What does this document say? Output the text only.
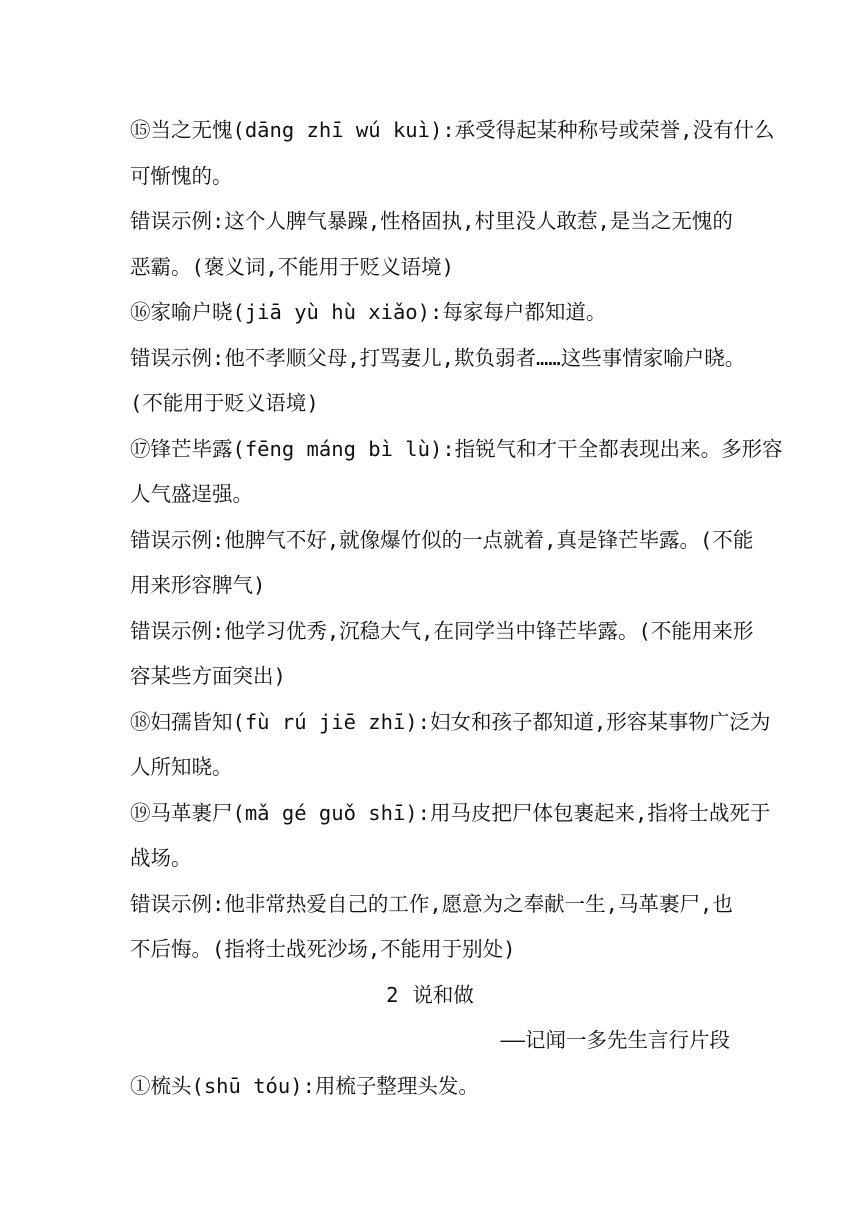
⑮当之无愧(dāng zhī wú kuì):承受得起某种称号或荣誉,没有什么
可惭愧的。
错误示例:这个人脾气暴躁,性格固执,村里没人敢惹,是当之无愧的
恶霸。(褒义词,不能用于贬义语境)
⑯家喻户晓(jiā yù hù xiǎo):每家每户都知道。
错误示例:他不孝顺父母,打骂妻儿,欺负弱者……这些事情家喻户晓。
(不能用于贬义语境)
⑰锋芒毕露(fēng máng bì lù):指锐气和才干全都表现出来。多形容
人气盛逞强。
错误示例:他脾气不好,就像爆竹似的一点就着,真是锋芒毕露。(不能
用来形容脾气)
错误示例:他学习优秀,沉稳大气,在同学当中锋芒毕露。(不能用来形
容某些方面突出)
⑱妇孺皆知(fù rú jiē zhī):妇女和孩子都知道,形容某事物广泛为
人所知晓。
⑲马革裹尸(mǎ gé guǒ shī):用马皮把尸体包裹起来,指将士战死于
战场。
错误示例:他非常热爱自己的工作,愿意为之奉献一生,马革裹尸,也
不后悔。(指将士战死沙场,不能用于别处)
2 说和做
——记闻一多先生言行片段
①梳头(shū tóu):用梳子整理头发。
